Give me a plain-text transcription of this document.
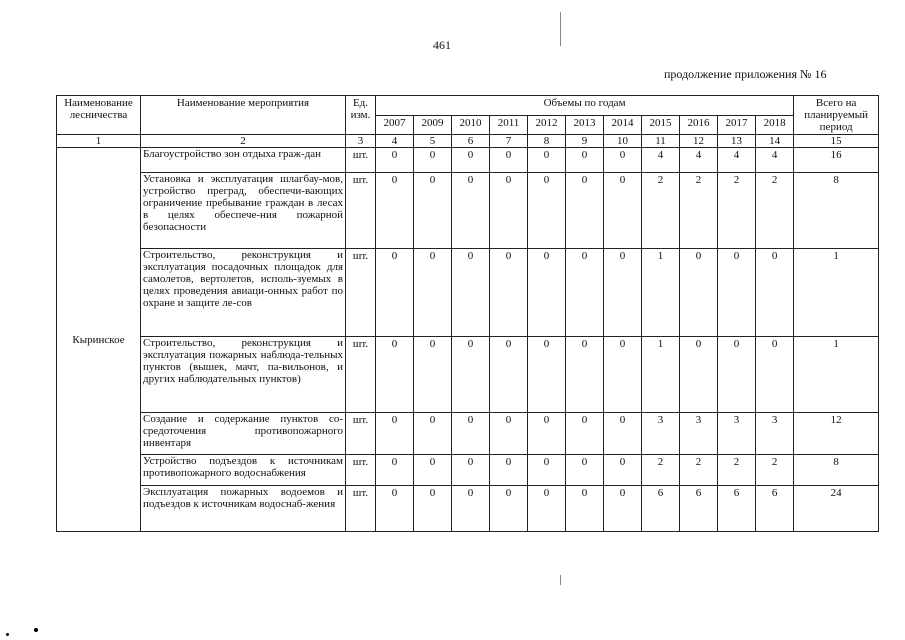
461
продолжение приложения № 16
Наименование лесничества	Наименование мероприятия	Ед. изм.	Объемы по годам											Всего на планируемый период
			2007	2009	2010	2011	2012	2013	2014	2015	2016	2017	2018	
1	2	3	4	5	6	7	8	9	10	11	12	13	14	15
Кыринское	Благоустройство зон отдыха граж-дан	шт.	0	0	0	0	0	0	0	4	4	4	4	16
	Установка и эксплуатация шлагбау-мов, устройство преград, обеспечи-вающих ограничение пребывание граждан в лесах в целях обеспече-ния пожарной безопасности	шт.	0	0	0	0	0	0	0	2	2	2	2	8
	Строительство, реконструкция и эксплуатация посадочных площадок для самолетов, вертолетов, исполь-зуемых в целях проведения авиаци-онных работ по охране и защите ле-сов	шт.	0	0	0	0	0	0	0	1	0	0	0	1
	Строительство, реконструкция и эксплуатация пожарных наблюда-тельных пунктов (вышек, мачт, па-вильонов, и других наблюдательных пунктов)	шт.	0	0	0	0	0	0	0	1	0	0	0	1
	Создание и содержание пунктов со-средоточения противопожарного инвентаря	шт.	0	0	0	0	0	0	0	3	3	3	3	12
	Устройство подъездов к источникам противопожарного водоснабжения	шт.	0	0	0	0	0	0	0	2	2	2	2	8
	Эксплуатация пожарных водоемов и подъездов к источникам водоснаб-жения	шт.	0	0	0	0	0	0	0	6	6	6	6	24
